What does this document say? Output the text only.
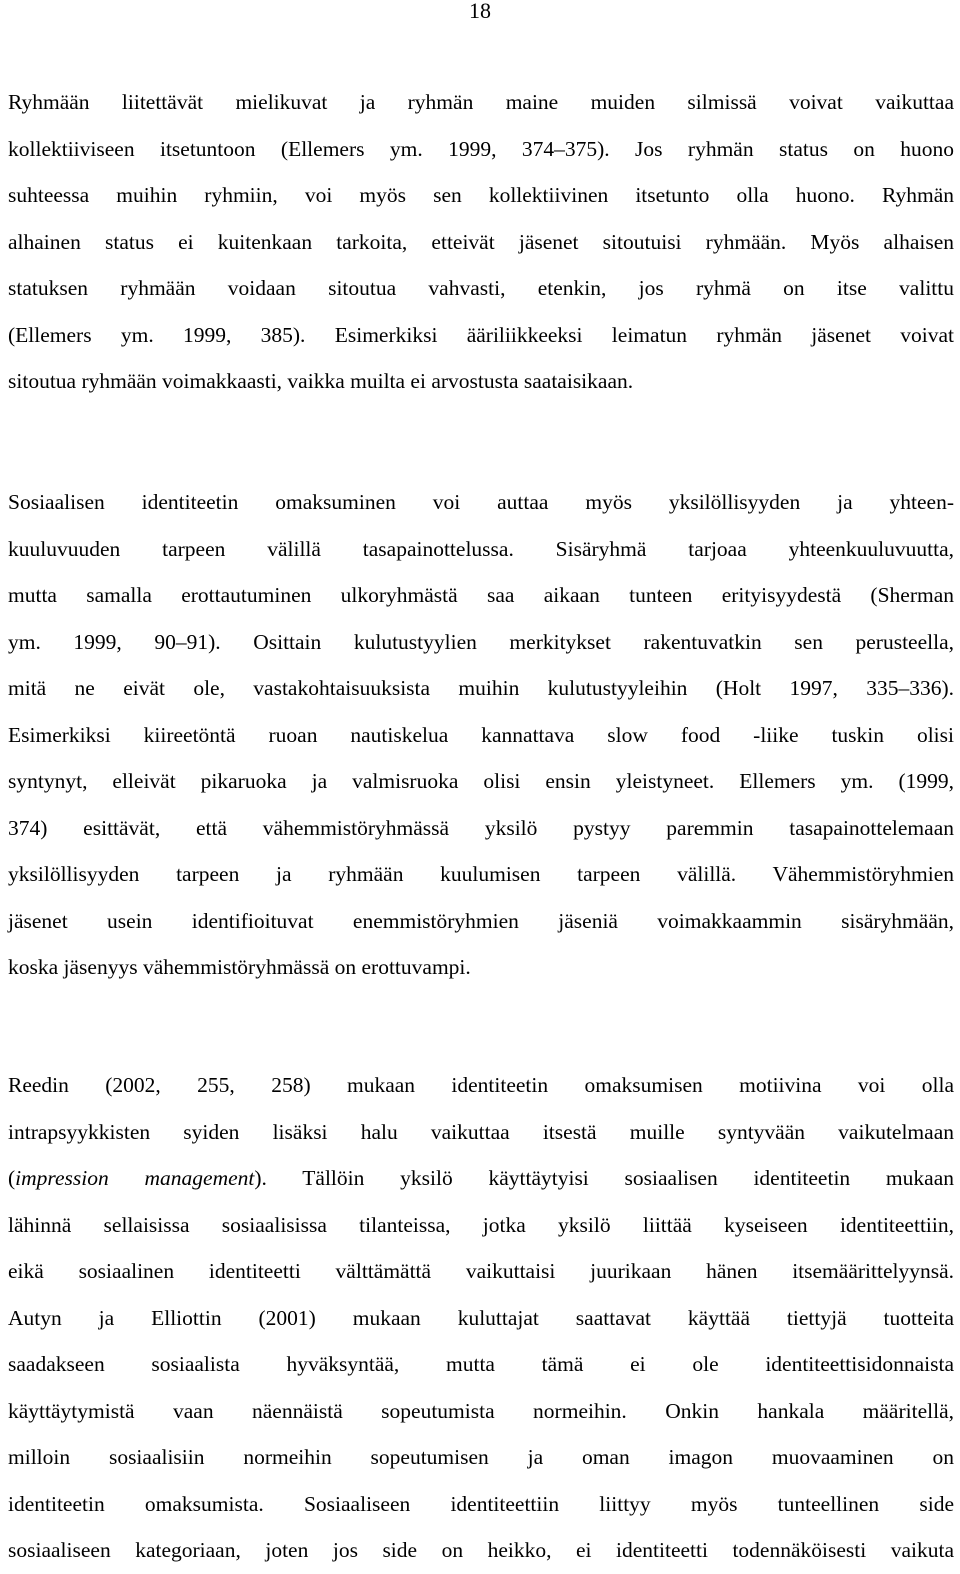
18
Ryhmään liitettävät mielikuvat ja ryhmän maine muiden silmissä voivat vaikuttaa
kollektiiviseen itsetuntoon (Ellemers ym. 1999, 374–375). Jos ryhmän status on huono
suhteessa muihin ryhmiin, voi myös sen kollektiivinen itsetunto olla huono. Ryhmän
alhainen status ei kuitenkaan tarkoita, etteivät jäsenet sitoutuisi ryhmään. Myös alhaisen
statuksen ryhmään voidaan sitoutua vahvasti, etenkin, jos ryhmä on itse valittu
(Ellemers ym. 1999, 385). Esimerkiksi ääriliikkeeksi leimatun ryhmän jäsenet voivat
sitoutua ryhmään voimakkaasti, vaikka muilta ei arvostusta saataisikaan.
Sosiaalisen identiteetin omaksuminen voi auttaa myös yksilöllisyyden ja yhteen-
kuuluvuuden tarpeen välillä tasapainottelussa. Sisäryhmä tarjoaa yhteenkuuluvuutta,
mutta samalla erottautuminen ulkoryhmästä saa aikaan tunteen erityisyydestä (Sherman
ym. 1999, 90–91). Osittain kulutustyylien merkitykset rakentuvatkin sen perusteella,
mitä ne eivät ole, vastakohtaisuuksista muihin kulutustyyleihin (Holt 1997, 335–336).
Esimerkiksi kiireetöntä ruoan nautiskelua kannattava slow food -liike tuskin olisi
syntynyt, elleivät pikaruoka ja valmisruoka olisi ensin yleistyneet. Ellemers ym. (1999,
374) esittävät, että vähemmistöryhmässä yksilö pystyy paremmin tasapainottelemaan
yksilöllisyyden tarpeen ja ryhmään kuulumisen tarpeen välillä. Vähemmistöryhmien
jäsenet usein identifioituvat enemmistöryhmien jäseniä voimakkaammin sisäryhmään,
koska jäsenyys vähemmistöryhmässä on erottuvampi.
Reedin (2002, 255, 258) mukaan identiteetin omaksumisen motiivina voi olla
intrapsyykkisten syiden lisäksi halu vaikuttaa itsestä muille syntyvään vaikutelmaan
(impression management). Tällöin yksilö käyttäytyisi sosiaalisen identiteetin mukaan
lähinnä sellaisissa sosiaalisissa tilanteissa, jotka yksilö liittää kyseiseen identiteettiin,
eikä sosiaalinen identiteetti välttämättä vaikuttaisi juurikaan hänen itsemäärittelyynsä.
Autyn ja Elliottin (2001) mukaan kuluttajat saattavat käyttää tiettyjä tuotteita
saadakseen sosiaalista hyväksyntää, mutta tämä ei ole identiteettisidonnaista
käyttäytymistä vaan näennäistä sopeutumista normeihin. Onkin hankala määritellä,
milloin sosiaalisiin normeihin sopeutumisen ja oman imagon muovaaminen on
identiteetin omaksumista. Sosiaaliseen identiteettiin liittyy myös tunteellinen side
sosiaaliseen kategoriaan, joten jos side on heikko, ei identiteetti todennäköisesti vaikuta
